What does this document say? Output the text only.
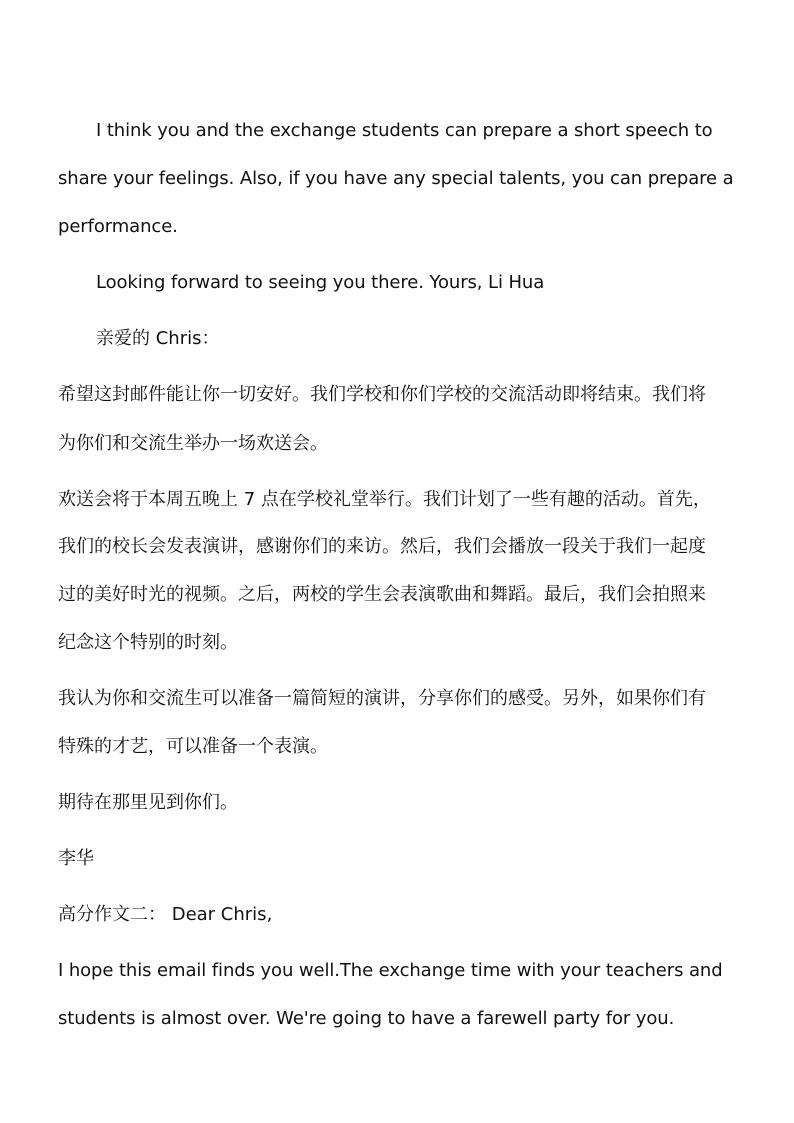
I think you and the exchange students can prepare a short speech to
share your feelings. Also, if you have any special talents, you can prepare a
performance.
Looking forward to seeing you there. Yours, Li Hua
亲爱的 Chris：
希望这封邮件能让你一切安好。我们学校和你们学校的交流活动即将结束。我们将
为你们和交流生举办一场欢送会。
欢送会将于本周五晚上 7 点在学校礼堂举行。我们计划了一些有趣的活动。首先，
我们的校长会发表演讲，感谢你们的来访。然后，我们会播放一段关于我们一起度
过的美好时光的视频。之后，两校的学生会表演歌曲和舞蹈。最后，我们会拍照来
纪念这个特别的时刻。
我认为你和交流生可以准备一篇简短的演讲，分享你们的感受。另外，如果你们有
特殊的才艺，可以准备一个表演。
期待在那里见到你们。
李华
高分作文二： Dear Chris,
I hope this email finds you well.The exchange time with your teachers and
students is almost over. We're going to have a farewell party for you.
